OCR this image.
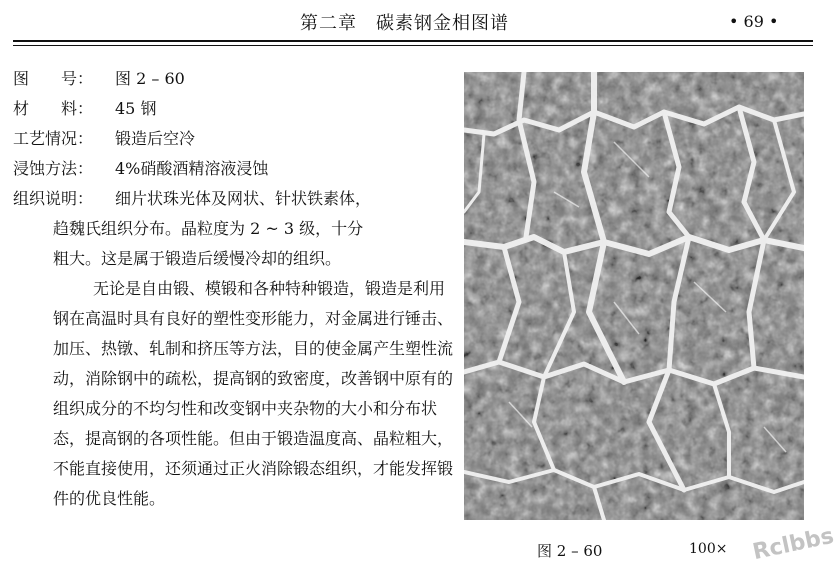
第二章　碳素钢金相图谱	• 69 •
图　　号： 图 2 – 60
材　　料： 45 钢
工艺情况： 锻造后空冷
浸蚀方法： 4%硝酸酒精溶液浸蚀
组织说明： 细片状珠光体及网状、针状铁素体，
趋魏氏组织分布。晶粒度为 2 ~ 3 级，十分
粗大。这是属于锻造后缓慢冷却的组织。
无论是自由锻、模锻和各种特种锻造，锻造是利用钢在高温时具有良好的塑性变形能力，对金属进行锤击、加压、热镦、轧制和挤压等方法，目的使金属产生塑性流动，消除钢中的疏松，提高钢的致密度，改善钢中原有的组织成分的不均匀性和改变钢中夹杂物的大小和分布状态，提高钢的各项性能。但由于锻造温度高、晶粒粗大，不能直接使用，还须通过正火消除锻态组织，才能发挥锻件的优良性能。
图 2 – 60	100× Rclbbs
